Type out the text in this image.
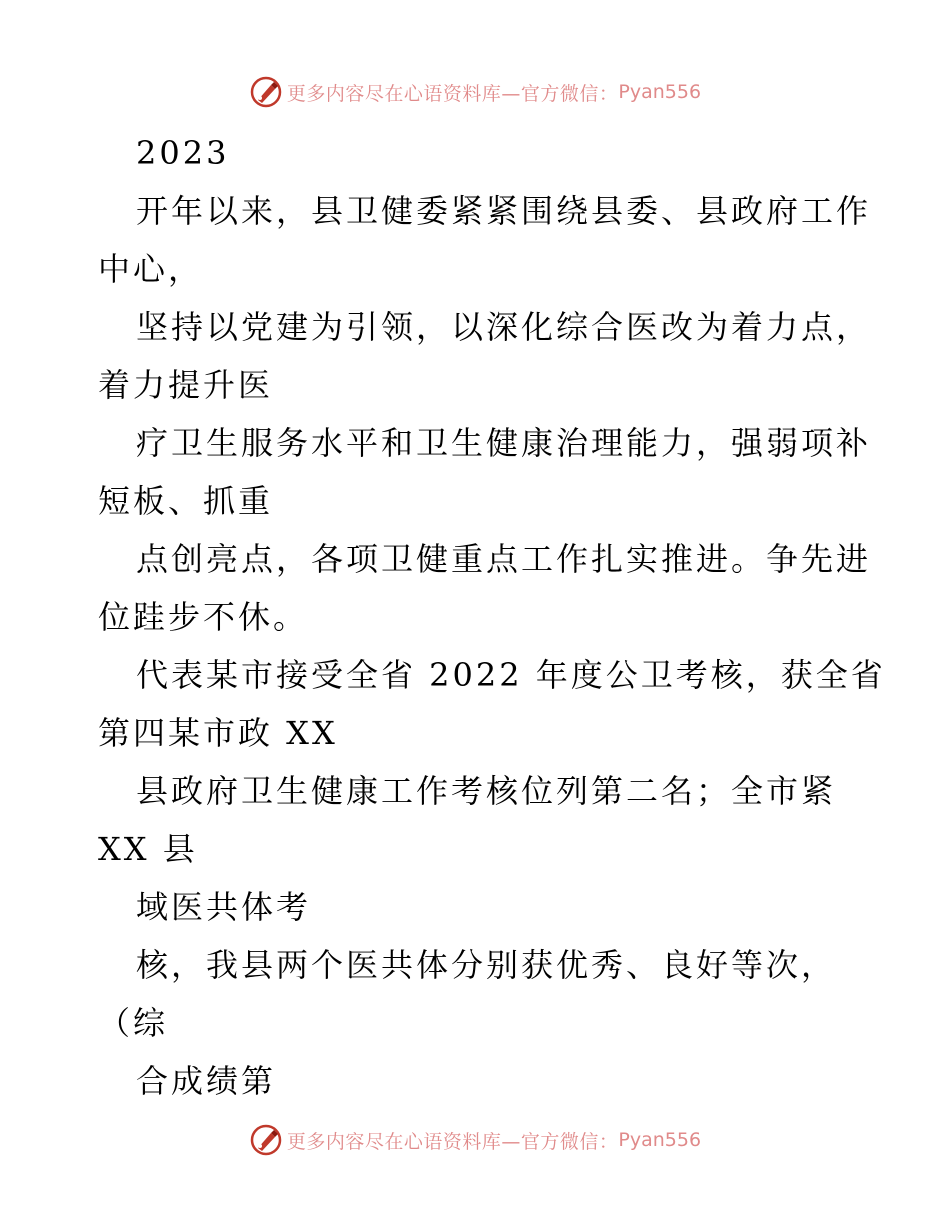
更多内容尽在心语资料库—官方微信： Pyan556
2023
开年以来，县卫健委紧紧围绕县委、县政府工作
中心，
坚持以党建为引领，以深化综合医改为着力点，
着力提升医
疗卫生服务水平和卫生健康治理能力，强弱项补
短板、抓重
点创亮点，各项卫健重点工作扎实推进。争先进
位跬步不休。
代表某市接受全省 2022 年度公卫考核，获全省
第四某市政 XX
县政府卫生健康工作考核位列第二名；全市紧
XX 县
域医共体考
核，我县两个医共体分别获优秀、良好等次，
（综
合成绩第
更多内容尽在心语资料库—官方微信： Pyan556
